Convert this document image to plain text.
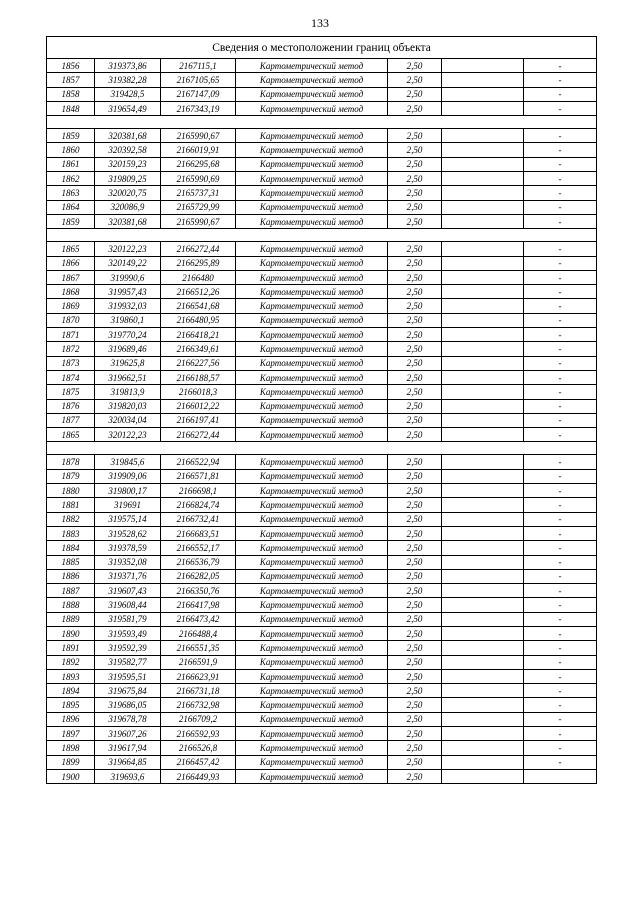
133
Сведения о местоположении границ объекта						
1856	319373,86	2167115,1	Картометрический метод	2,50		-
1857	319382,28	2167105,65	Картометрический метод	2,50		-
1858	319428,5	2167147,09	Картометрический метод	2,50		-
1848	319654,49	2167343,19	Картометрический метод	2,50		-

1859	320381,68	2165990,67	Картометрический метод	2,50		-
1860	320392,58	2166019,91	Картометрический метод	2,50		-
1861	320159,23	2166295,68	Картометрический метод	2,50		-
1862	319809,25	2165990,69	Картометрический метод	2,50		-
1863	320020,75	2165737,31	Картометрический метод	2,50		-
1864	320086,9	2165729,99	Картометрический метод	2,50		-
1859	320381,68	2165990,67	Картометрический метод	2,50		-

1865	320122,23	2166272,44	Картометрический метод	2,50		-
1866	320149,22	2166295,89	Картометрический метод	2,50		-
1867	319990,6	2166480	Картометрический метод	2,50		-
1868	319957,43	2166512,26	Картометрический метод	2,50		-
1869	319932,03	2166541,68	Картометрический метод	2,50		-
1870	319860,1	2166480,95	Картометрический метод	2,50		-
1871	319770,24	2166418,21	Картометрический метод	2,50		-
1872	319689,46	2166349,61	Картометрический метод	2,50		-
1873	319625,8	2166227,56	Картометрический метод	2,50		-
1874	319662,51	2166188,57	Картометрический метод	2,50		-
1875	319813,9	2166018,3	Картометрический метод	2,50		-
1876	319820,03	2166012,22	Картометрический метод	2,50		-
1877	320034,04	2166197,41	Картометрический метод	2,50		-
1865	320122,23	2166272,44	Картометрический метод	2,50		-

1878	319845,6	2166522,94	Картометрический метод	2,50		-
1879	319909,06	2166571,81	Картометрический метод	2,50		-
1880	319800,17	2166698,1	Картометрический метод	2,50		-
1881	319691	2166824,74	Картометрический метод	2,50		-
1882	319575,14	2166732,41	Картометрический метод	2,50		-
1883	319528,62	2166683,51	Картометрический метод	2,50		-
1884	319378,59	2166552,17	Картометрический метод	2,50		-
1885	319352,08	2166536,79	Картометрический метод	2,50		-
1886	319371,76	2166282,05	Картометрический метод	2,50		-
1887	319607,43	2166350,76	Картометрический метод	2,50		-
1888	319608,44	2166417,98	Картометрический метод	2,50		-
1889	319581,79	2166473,42	Картометрический метод	2,50		-
1890	319593,49	2166488,4	Картометрический метод	2,50		-
1891	319592,39	2166551,35	Картометрический метод	2,50		-
1892	319582,77	2166591,9	Картометрический метод	2,50		-
1893	319595,51	2166623,91	Картометрический метод	2,50		-
1894	319675,84	2166731,18	Картометрический метод	2,50		-
1895	319686,05	2166732,98	Картометрический метод	2,50		-
1896	319678,78	2166709,2	Картометрический метод	2,50		-
1897	319607,26	2166592,93	Картометрический метод	2,50		-
1898	319617,94	2166526,8	Картометрический метод	2,50		-
1899	319664,85	2166457,42	Картометрический метод	2,50		-
1900	319693,6	2166449,93	Картометрический метод	2,50		
